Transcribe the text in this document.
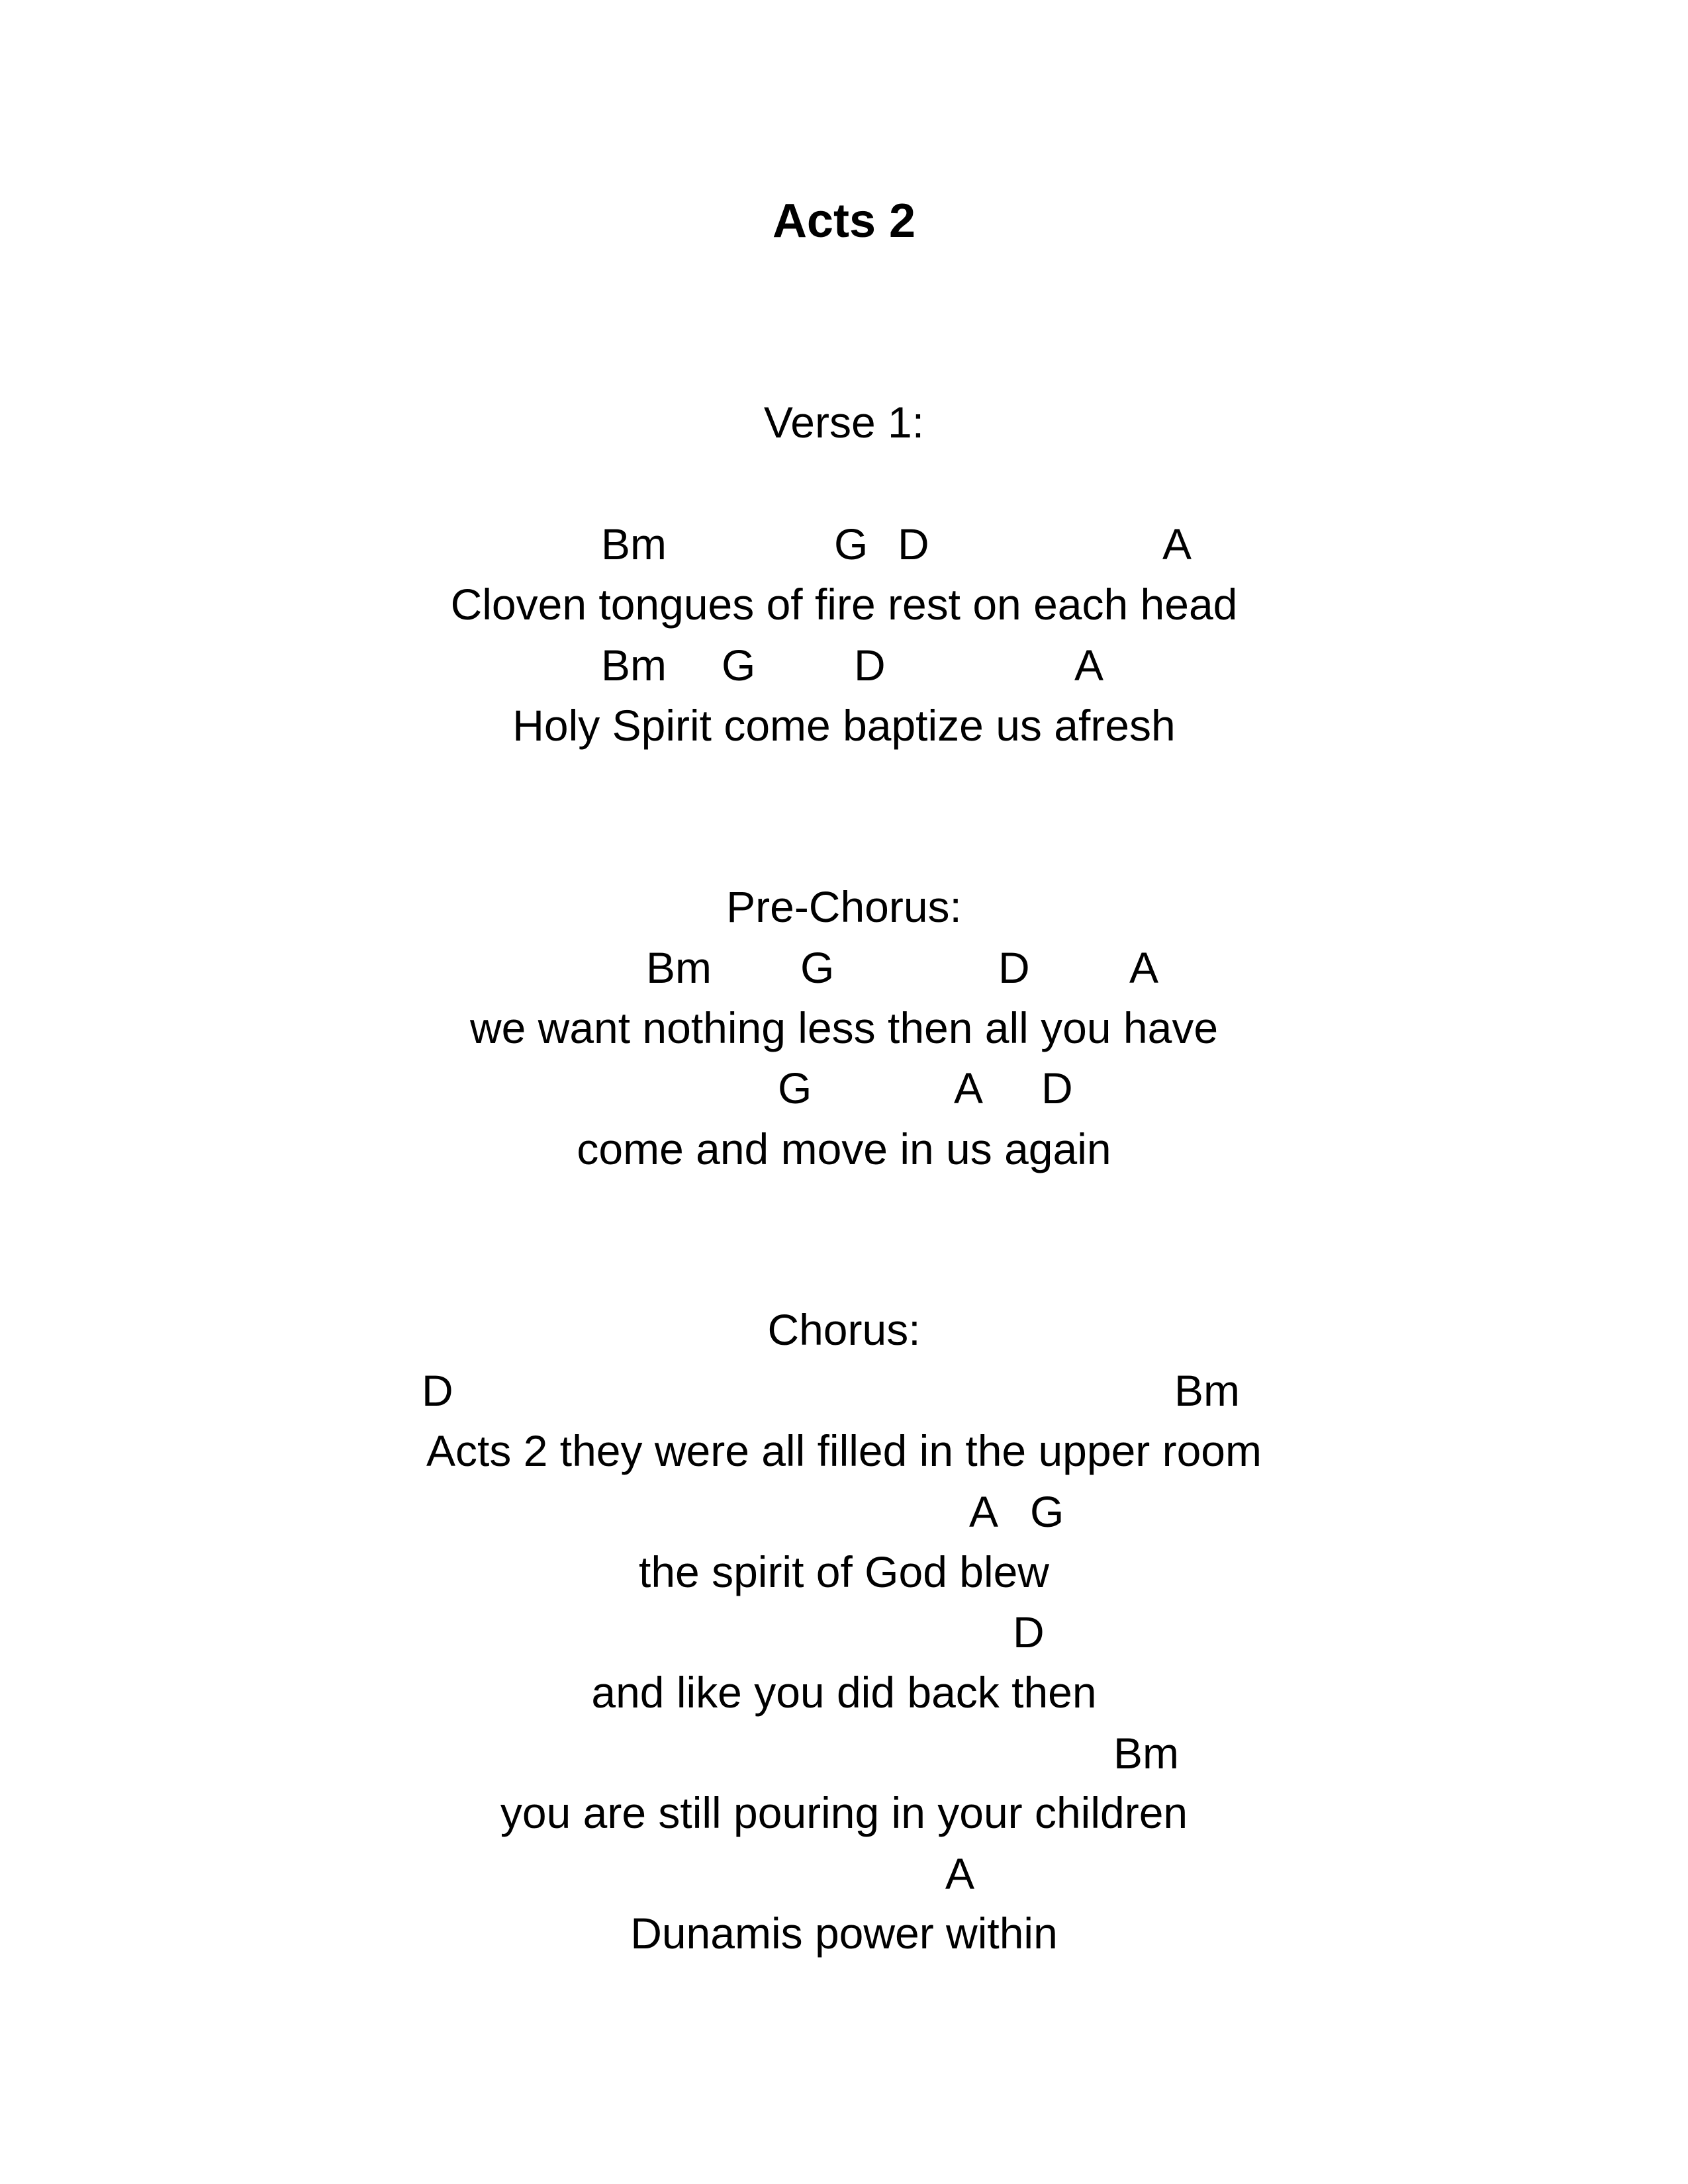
Acts 2
Verse 1:
Bm	G D	A
Cloven tongues of fire rest on each head
Bm G D	A
Holy Spirit come baptize us afresh
Pre-Chorus:
Bm G	D A
we want nothing less then all you have
G	A D
come and move in us again
Chorus:
D	Bm
Acts 2 they were all filled in the upper room
A G
the spirit of God blew
D
and like you did back then
Bm
you are still pouring in your children
A
Dunamis power within
